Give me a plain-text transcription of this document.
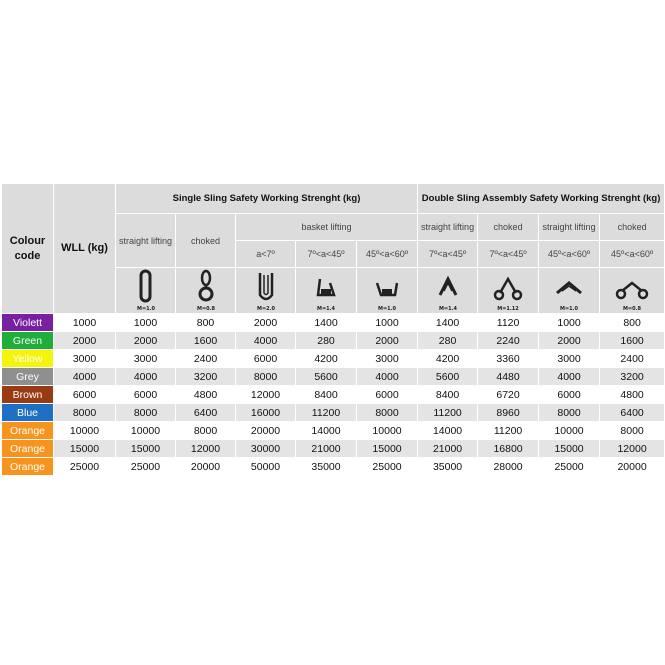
Colour code	WLL (kg)	Single Sling Safety Working Strenght (kg)					Double Sling Assembly Safety Working Strenght (kg)			
		straight lifting	choked	basket lifting			straight lifting	choked	straight lifting	choked
				a<7º	7º<a<45º	45º<a<60º	7º<a<45º	7º<a<45º	45º<a<60º	45º<a<60º

M=1.0	M=0.8	M=2.0	M=1.4	M=1.0	M=1.4	M=1.12	M=1.0	M=0.8

Violett	1000	1000	800	2000	1400	1000	1400	1120	1000	800
Green	2000	2000	1600	4000	280	2000	280	2240	2000	1600
Yellow	3000	3000	2400	6000	4200	3000	4200	3360	3000	2400
Grey	4000	4000	3200	8000	5600	4000	5600	4480	4000	3200
Brown	6000	6000	4800	12000	8400	6000	8400	6720	6000	4800
Blue	8000	8000	6400	16000	11200	8000	11200	8960	8000	6400
Orange	10000	10000	8000	20000	14000	10000	14000	11200	10000	8000
Orange	15000	15000	12000	30000	21000	15000	21000	16800	15000	12000
Orange	25000	25000	20000	50000	35000	25000	35000	28000	25000	20000
